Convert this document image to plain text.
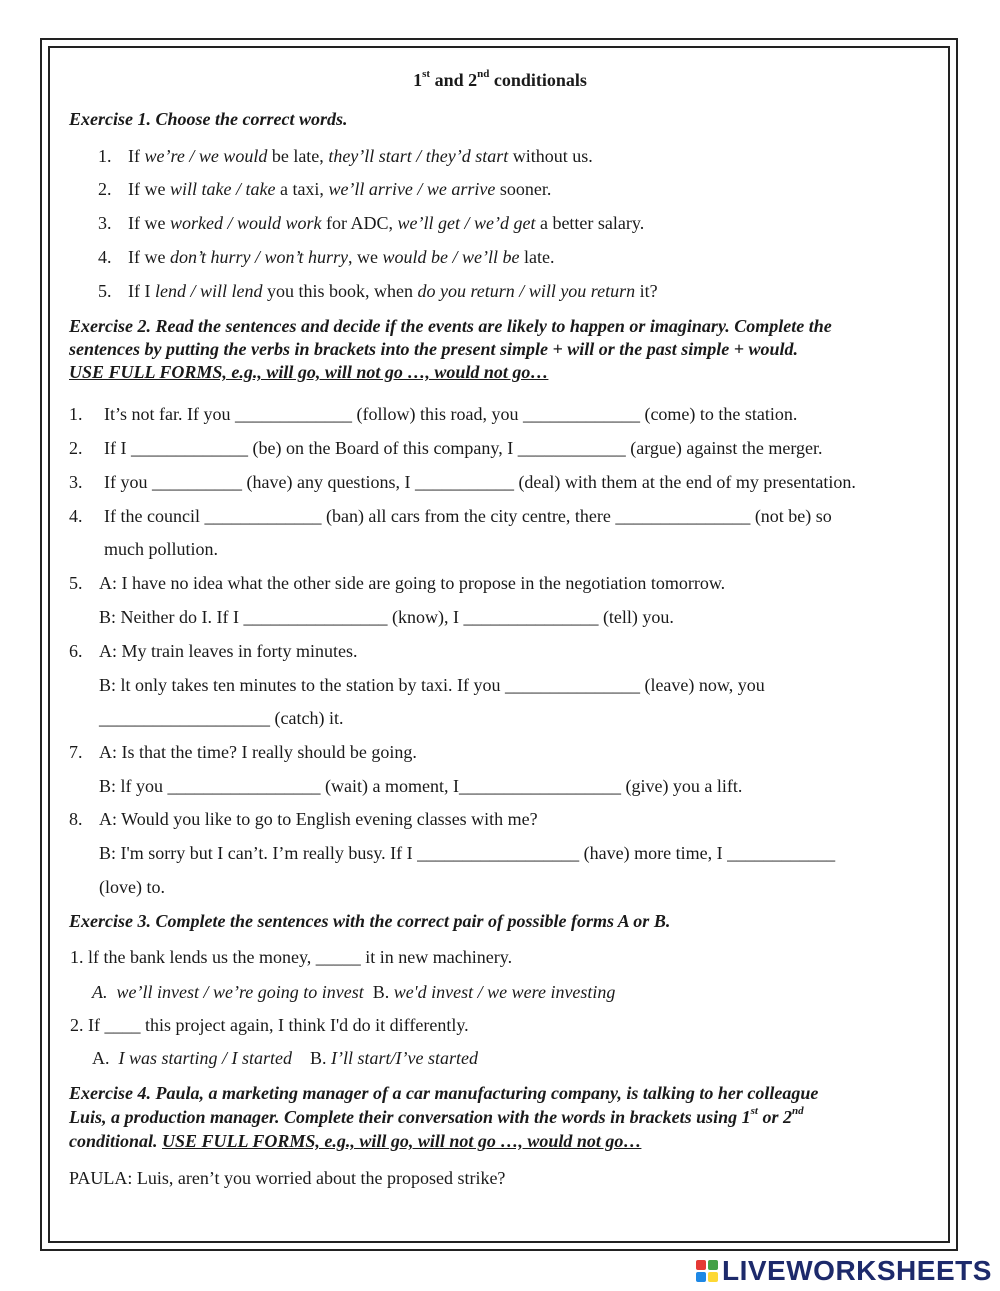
1st and 2nd conditionals
Exercise 1. Choose the correct words.
1. If we’re / we would be late, they’ll start / they’d start without us.
2. If we will take / take a taxi, we’ll arrive / we arrive sooner.
3. If we worked / would work for ADC, we’ll get / we’d get a better salary.
4. If we don’t hurry / won’t hurry, we would be / we’ll be late.
5. If I lend / will lend you this book, when do you return / will you return it?
Exercise 2. Read the sentences and decide if the events are likely to happen or imaginary. Complete the
sentences by putting the verbs in brackets into the present simple + will or the past simple + would.
USE FULL FORMS, e.g., will go, will not go …, would not go…
1. It’s not far. If you _____________ (follow) this road, you _____________ (come) to the station.
2. If I _____________ (be) on the Board of this company, I ____________ (argue) against the merger.
3. If you __________ (have) any questions, I ___________ (deal) with them at the end of my presentation.
4. If the council _____________ (ban) all cars from the city centre, there _______________ (not be) so
much pollution.
5. A: I have no idea what the other side are going to propose in the negotiation tomorrow.
B: Neither do I. If I ________________ (know), I _______________ (tell) you.
6. A: My train leaves in forty minutes.
B: lt only takes ten minutes to the station by taxi. If you _______________ (leave) now, you
___________________ (catch) it.
7. A: Is that the time? I really should be going.
B: lf you _________________ (wait) a moment, I__________________ (give) you a lift.
8. A: Would you like to go to English evening classes with me?
B: I'm sorry but I can’t. I’m really busy. If I __________________ (have) more time, I ____________
(love) to.
Exercise 3. Complete the sentences with the correct pair of possible forms A or B.
1. lf the bank lends us the money, _____ it in new machinery.
A. we’ll invest / we’re going to invest B. we'd invest / we were investing
2. If ____ this project again, I think I'd do it differently.
A. I was starting / I started B. I’ll start/I’ve started
Exercise 4. Paula, a marketing manager of a car manufacturing company, is talking to her colleague
Luis, a production manager. Complete their conversation with the words in brackets using 1st or 2nd
conditional. USE FULL FORMS, e.g., will go, will not go …, would not go…
PAULA: Luis, aren’t you worried about the proposed strike?
LIVEWORKSHEETS
